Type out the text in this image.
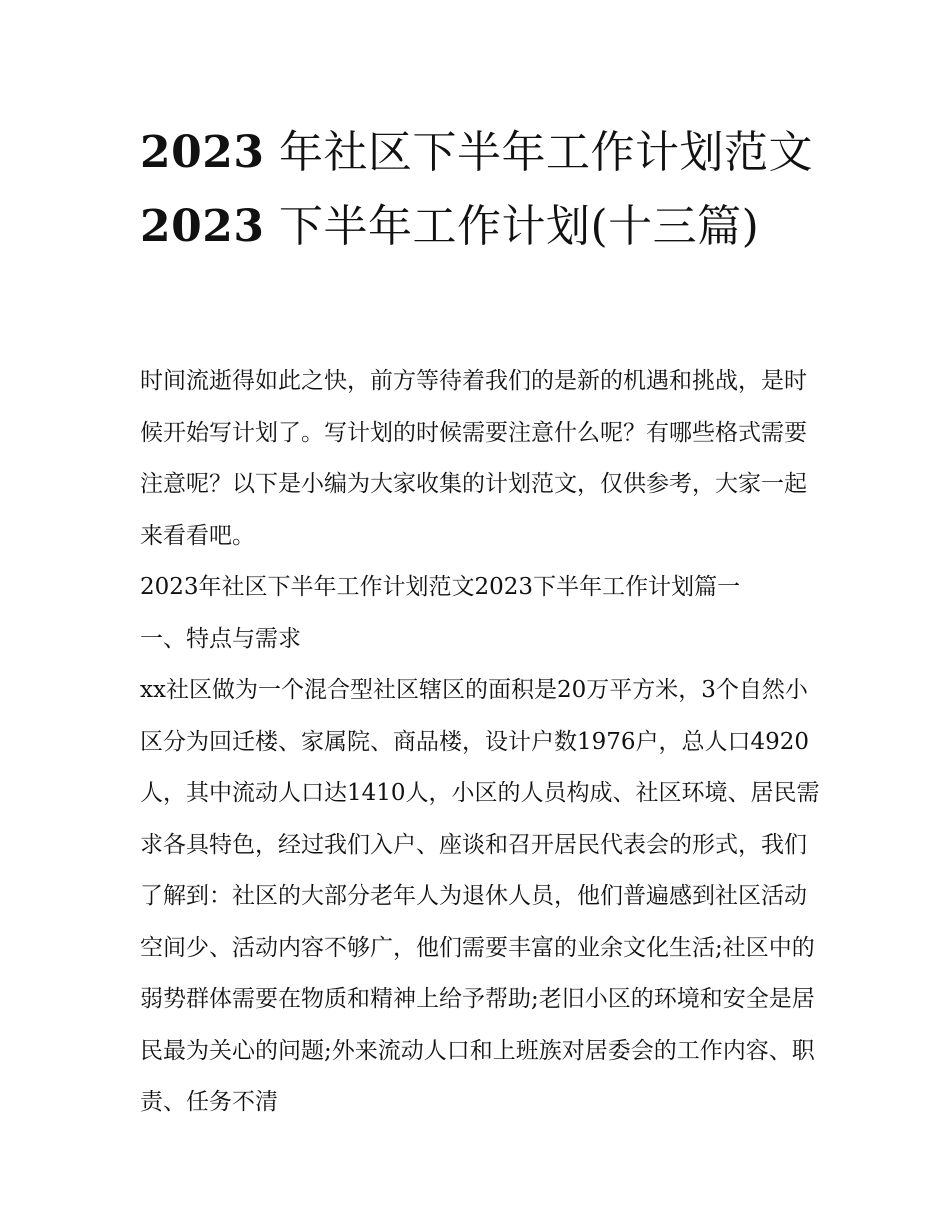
2023 年社区下半年工作计划范文
2023 下半年工作计划(十三篇)

时间流逝得如此之快，前方等待着我们的是新的机遇和挑战，是时候开始写计划了。写计划的时候需要注意什么呢？有哪些格式需要注意呢？以下是小编为大家收集的计划范文，仅供参考，大家一起来看看吧。

2023年社区下半年工作计划范文2023下半年工作计划篇一

一、特点与需求

xx社区做为一个混合型社区辖区的面积是20万平方米，3个自然小区分为回迁楼、家属院、商品楼，设计户数1976户，总人口4920人，其中流动人口达1410人，小区的人员构成、社区环境、居民需求各具特色，经过我们入户、座谈和召开居民代表会的形式，我们了解到：社区的大部分老年人为退休人员，他们普遍感到社区活动空间少、活动内容不够广，他们需要丰富的业余文化生活;社区中的弱势群体需要在物质和精神上给予帮助;老旧小区的环境和安全是居民最为关心的问题;外来流动人口和上班族对居委会的工作内容、职责、任务不清
